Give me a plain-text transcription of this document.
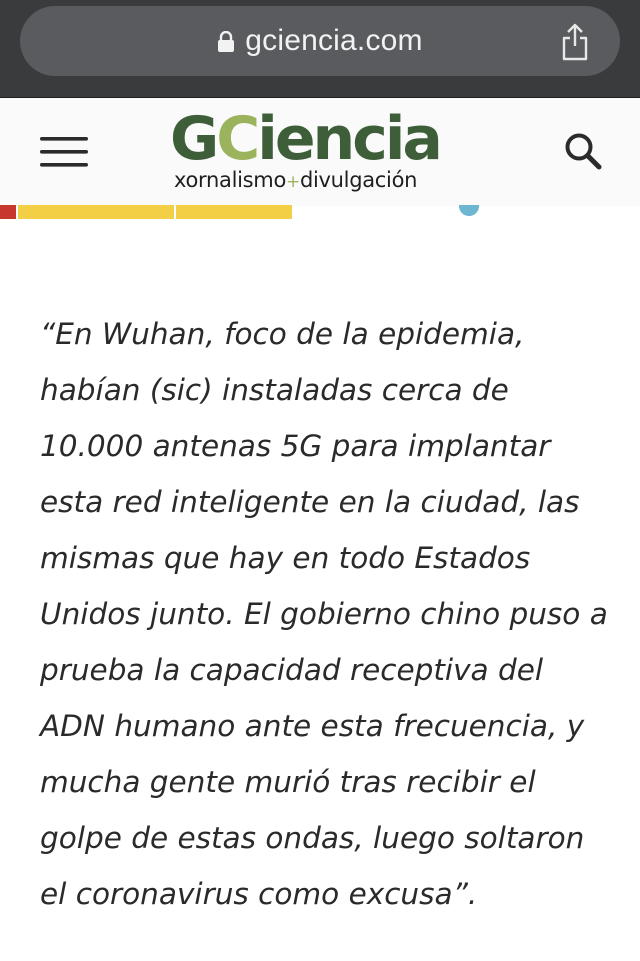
gciencia.com
GCiencia
xornalismo+divulgación
“En Wuhan, foco de la epidemia,
habían (sic) instaladas cerca de
10.000 antenas 5G para implantar
esta red inteligente en la ciudad, las
mismas que hay en todo Estados
Unidos junto. El gobierno chino puso a
prueba la capacidad receptiva del
ADN humano ante esta frecuencia, y
mucha gente murió tras recibir el
golpe de estas ondas, luego soltaron
el coronavirus como excusa”.
